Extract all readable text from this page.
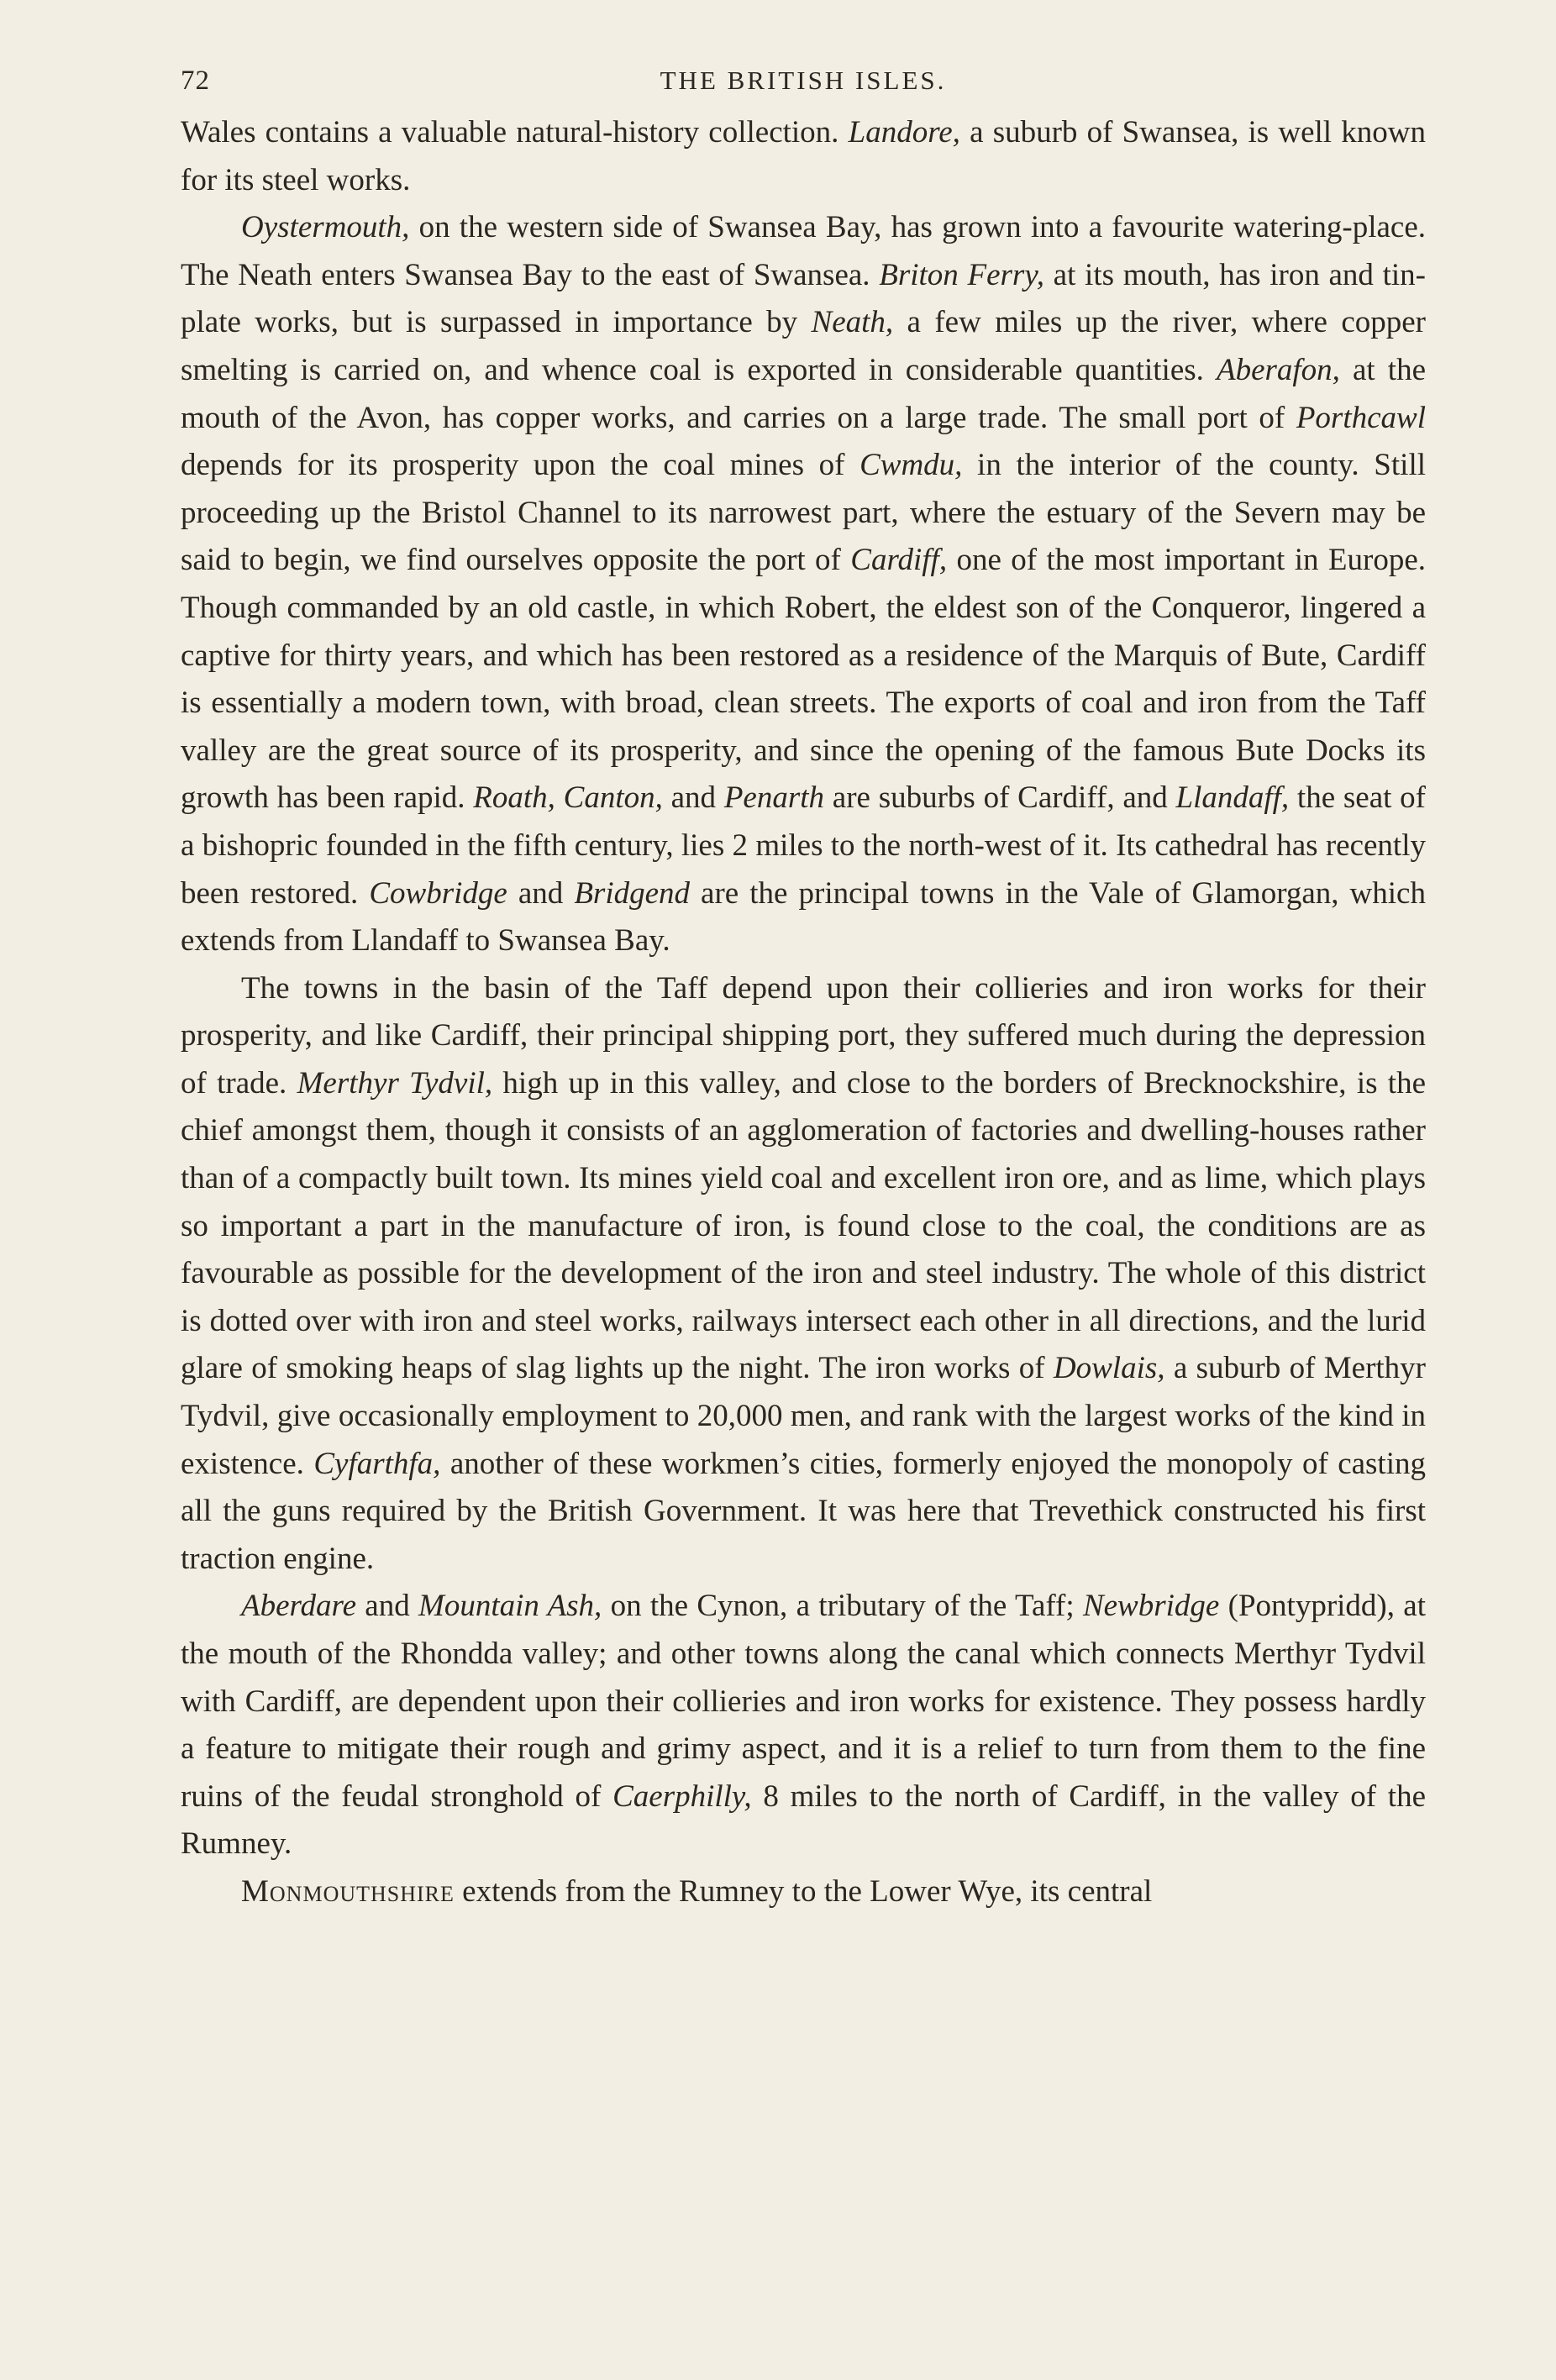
72	THE BRITISH ISLES.

Wales contains a valuable natural-history collection. Landore, a suburb of Swansea, is well known for its steel works.

Oystermouth, on the western side of Swansea Bay, has grown into a favourite watering-place. The Neath enters Swansea Bay to the east of Swansea. Briton Ferry, at its mouth, has iron and tin-plate works, but is surpassed in importance by Neath, a few miles up the river, where copper smelting is carried on, and whence coal is exported in considerable quantities. Aberafon, at the mouth of the Avon, has copper works, and carries on a large trade. The small port of Porthcawl depends for its prosperity upon the coal mines of Cwmdu, in the interior of the county. Still proceeding up the Bristol Channel to its narrowest part, where the estuary of the Severn may be said to begin, we find ourselves opposite the port of Cardiff, one of the most important in Europe. Though commanded by an old castle, in which Robert, the eldest son of the Conqueror, lingered a captive for thirty years, and which has been restored as a residence of the Marquis of Bute, Cardiff is essentially a modern town, with broad, clean streets. The exports of coal and iron from the Taff valley are the great source of its prosperity, and since the opening of the famous Bute Docks its growth has been rapid. Roath, Canton, and Penarth are suburbs of Cardiff, and Llandaff, the seat of a bishopric founded in the fifth century, lies 2 miles to the north-west of it. Its cathedral has recently been restored. Cowbridge and Bridgend are the principal towns in the Vale of Glamorgan, which extends from Llandaff to Swansea Bay.

The towns in the basin of the Taff depend upon their collieries and iron works for their prosperity, and like Cardiff, their principal shipping port, they suffered much during the depression of trade. Merthyr Tydvil, high up in this valley, and close to the borders of Brecknockshire, is the chief amongst them, though it consists of an agglomeration of factories and dwelling-houses rather than of a compactly built town. Its mines yield coal and excellent iron ore, and as lime, which plays so important a part in the manufacture of iron, is found close to the coal, the conditions are as favourable as possible for the development of the iron and steel industry. The whole of this district is dotted over with iron and steel works, railways intersect each other in all directions, and the lurid glare of smoking heaps of slag lights up the night. The iron works of Dowlais, a suburb of Merthyr Tydvil, give occasionally employment to 20,000 men, and rank with the largest works of the kind in existence. Cyfarthfa, another of these workmen’s cities, formerly enjoyed the monopoly of casting all the guns required by the British Government. It was here that Trevethick constructed his first traction engine.

Aberdare and Mountain Ash, on the Cynon, a tributary of the Taff; Newbridge (Pontypridd), at the mouth of the Rhondda valley; and other towns along the canal which connects Merthyr Tydvil with Cardiff, are dependent upon their collieries and iron works for existence. They possess hardly a feature to mitigate their rough and grimy aspect, and it is a relief to turn from them to the fine ruins of the feudal stronghold of Caerphilly, 8 miles to the north of Cardiff, in the valley of the Rumney.

Monmouthshire extends from the Rumney to the Lower Wye, its central
